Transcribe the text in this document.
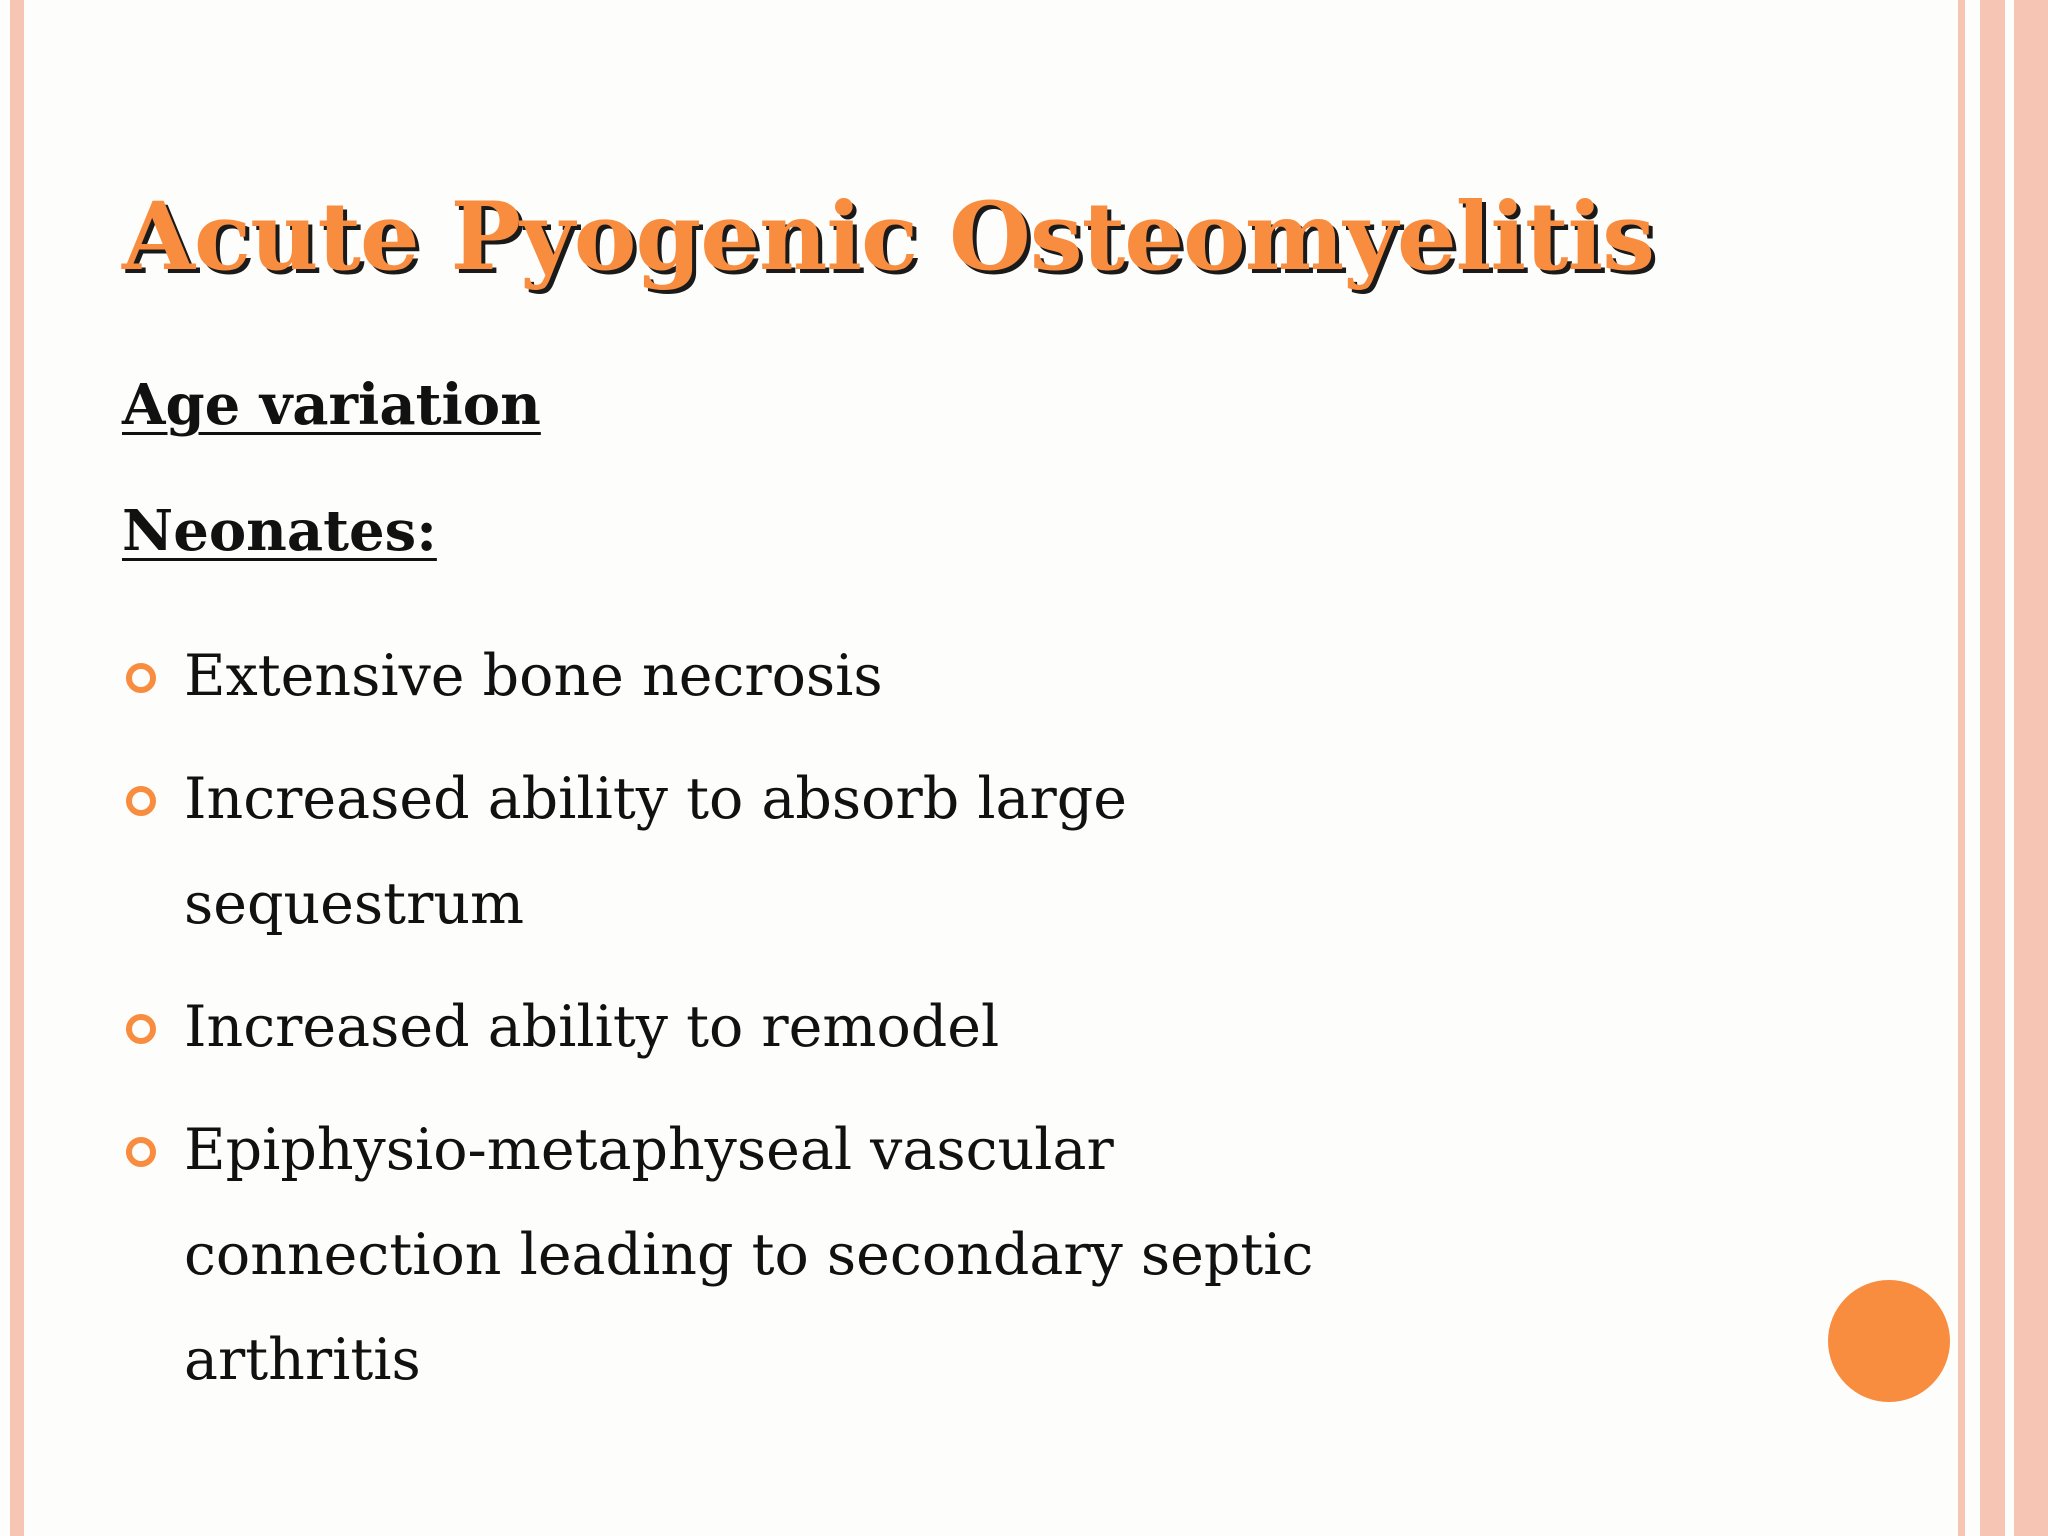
Acute Pyogenic Osteomyelitis
Age variation
Neonates:
Extensive bone necrosis
Increased ability to absorb large
sequestrum
Increased ability to remodel
Epiphysio-metaphyseal vascular
connection leading to secondary septic
arthritis
